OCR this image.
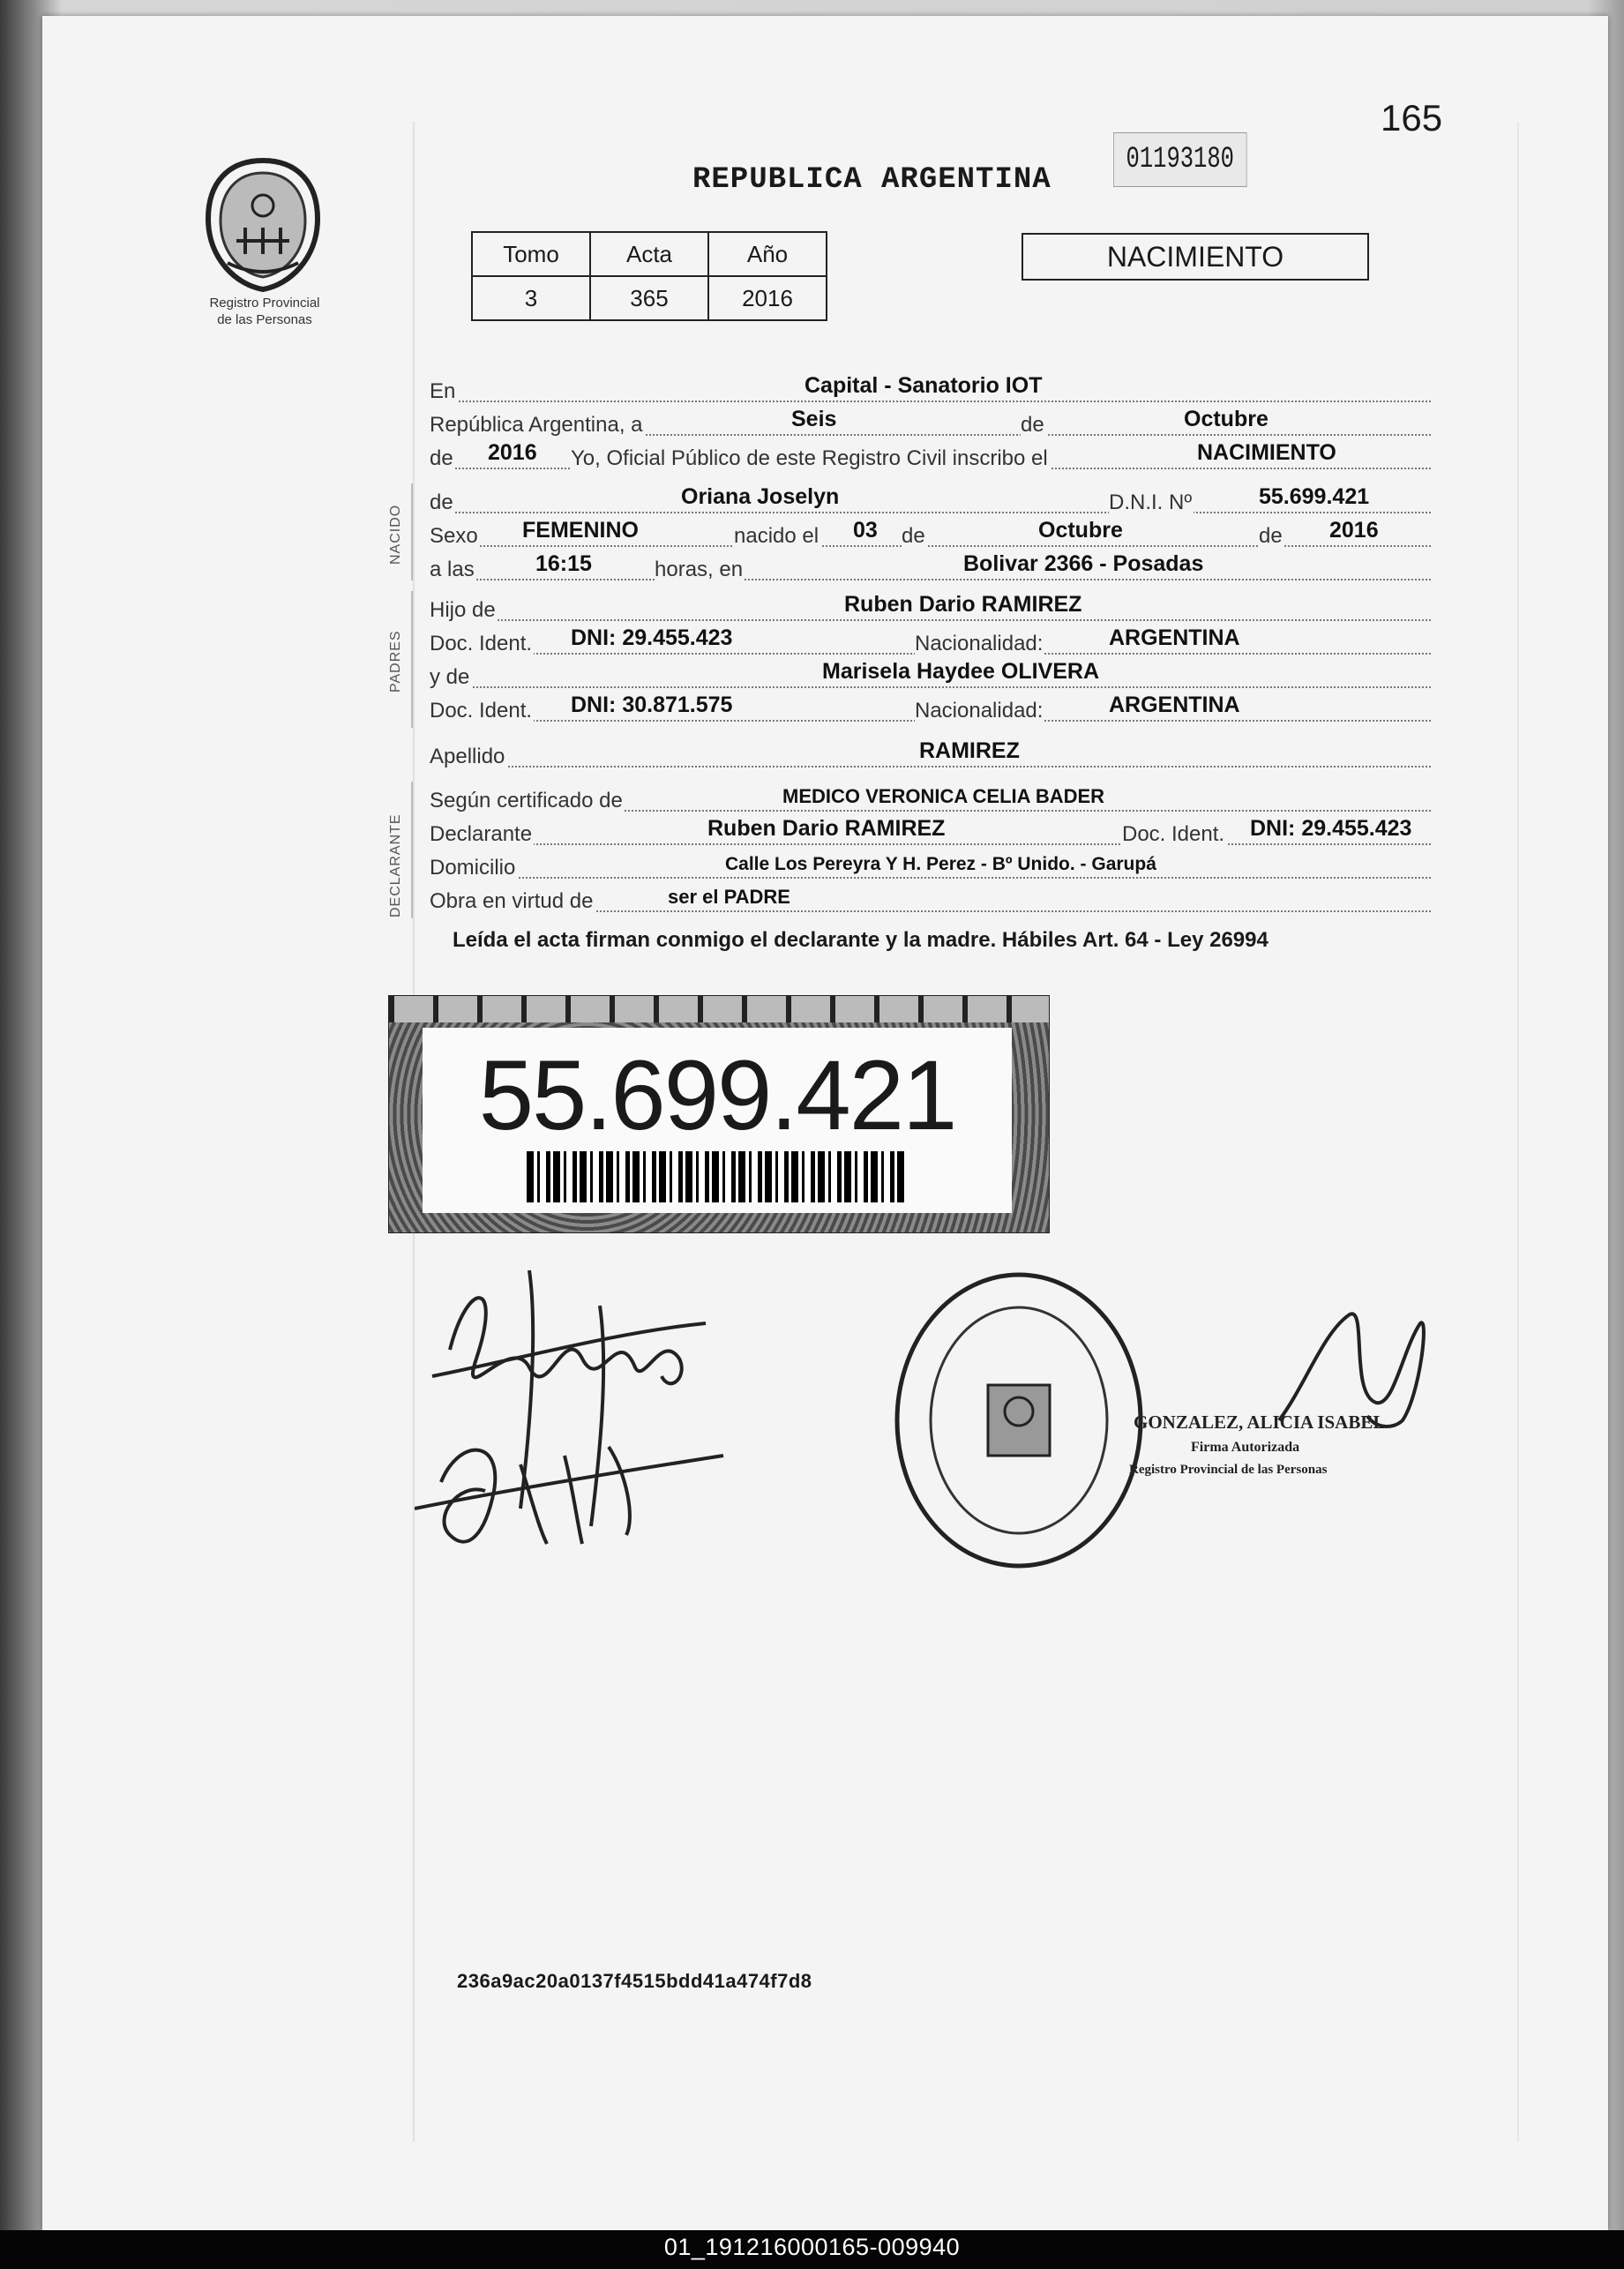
165
REPUBLICA ARGENTINA
01193180
Registro Provincial
de las Personas
Tomo	Acta	Año
3	365	2016
NACIMIENTO
En	Capital - Sanatorio IOT
República Argentina, a	Seis	de	Octubre
de 2016 Yo, Oficial Público de este Registro Civil inscribo el	NACIMIENTO
NACIDO
de	Oriana Joselyn	D.N.I. Nº	55.699.421
Sexo FEMENINO	nacido el 03 de	Octubre	de 2016
a las	16:15	horas, en	Bolivar 2366 - Posadas
PADRES
Hijo de	Ruben Dario RAMIREZ
Doc. Ident. DNI: 29.455.423	Nacionalidad:	ARGENTINA
y de	Marisela Haydee OLIVERA
Doc. Ident. DNI: 30.871.575	Nacionalidad:	ARGENTINA
Apellido	RAMIREZ
DECLARANTE
Según certificado de	MEDICO VERONICA CELIA BADER
Declarante	Ruben Dario RAMIREZ	Doc. Ident. DNI: 29.455.423
Domicilio	Calle Los Pereyra Y H. Perez - Bº Unido. - Garupá
Obra en virtud de	ser el PADRE
Leída el acta firman conmigo el declarante y la madre. Hábiles Art. 64 - Ley 26994
55.699.421
GONZALEZ, ALICIA ISABEL
Firma Autorizada
Registro Provincial de las Personas
236a9ac20a0137f4515bdd41a474f7d8
01_191216000165-009940
